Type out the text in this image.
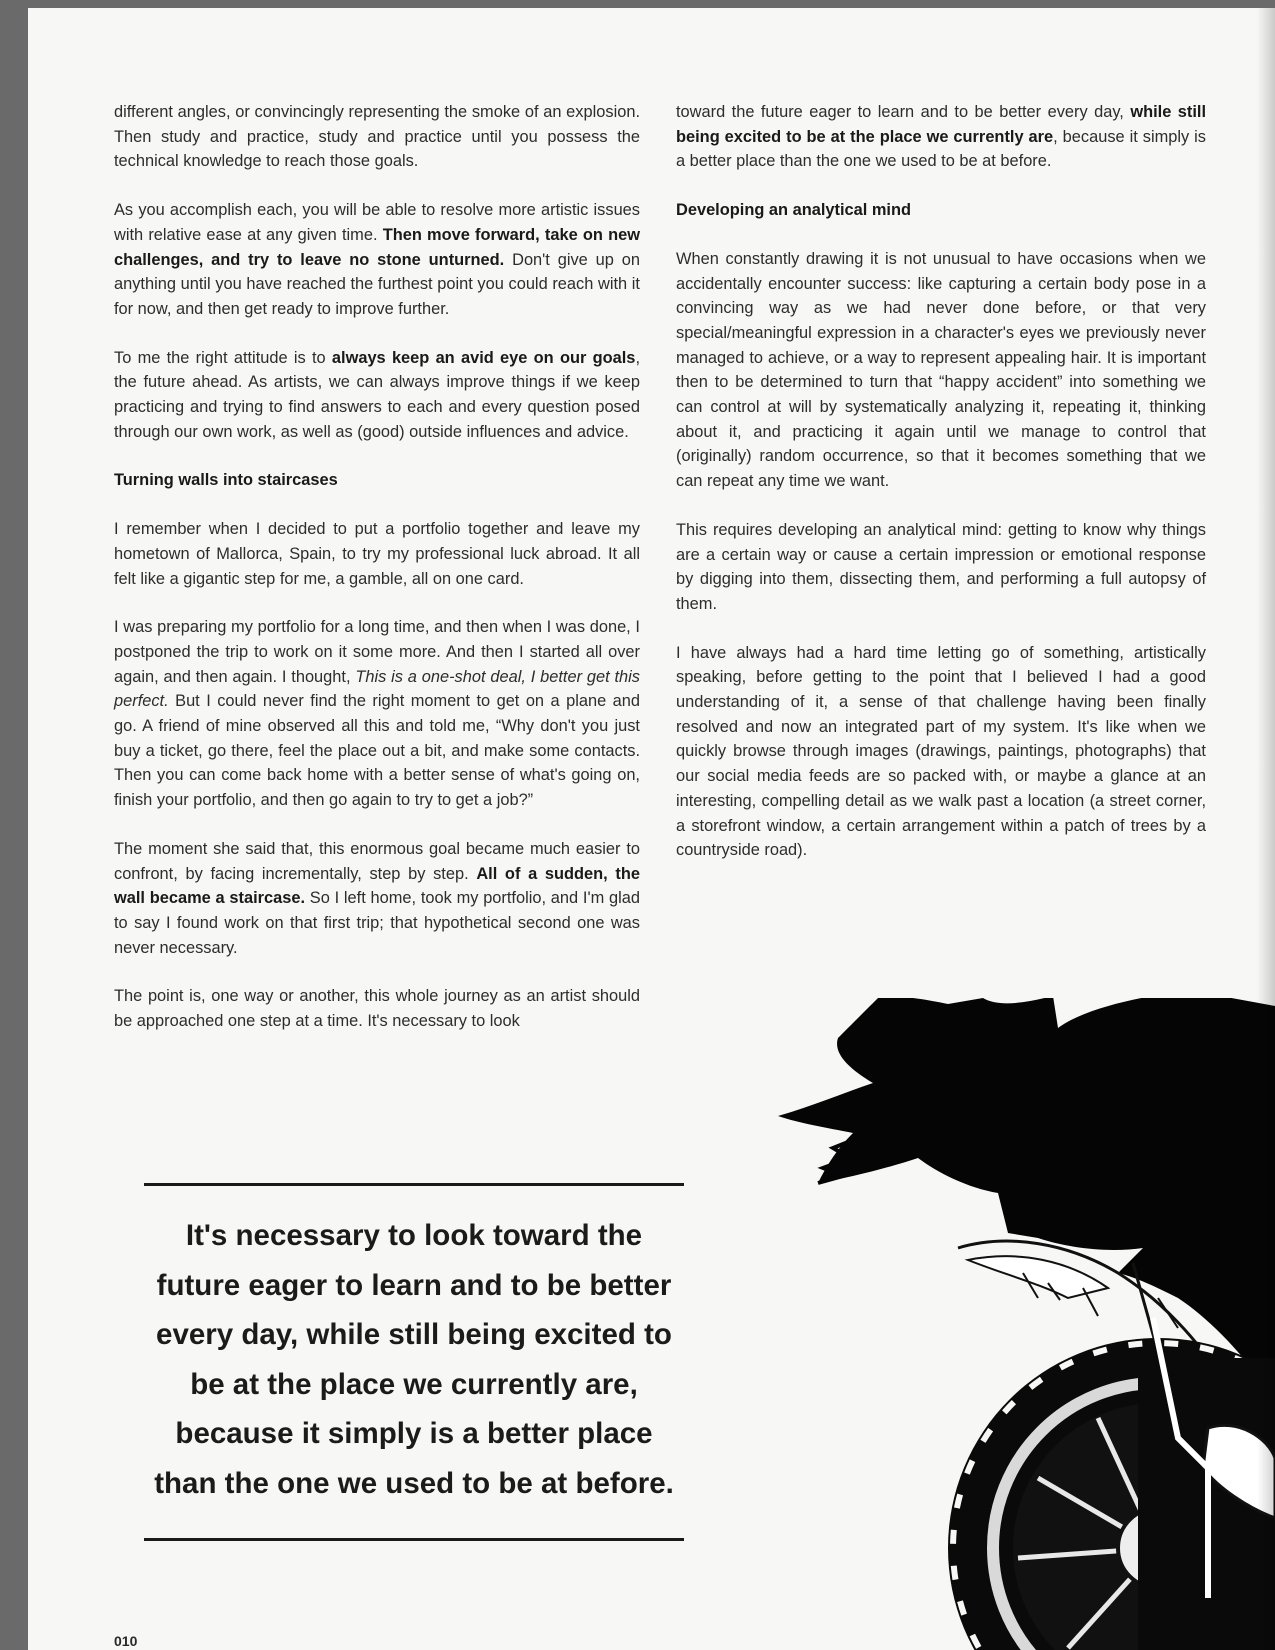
different angles, or convincingly representing the smoke of an explosion. Then study and practice, study and practice until you possess the technical knowledge to reach those goals.

As you accomplish each, you will be able to resolve more artistic issues with relative ease at any given time. Then move forward, take on new challenges, and try to leave no stone unturned. Don't give up on anything until you have reached the furthest point you could reach with it for now, and then get ready to improve further.

To me the right attitude is to always keep an avid eye on our goals, the future ahead. As artists, we can always improve things if we keep practicing and trying to find answers to each and every question posed through our own work, as well as (good) outside influences and advice.

Turning walls into staircases

I remember when I decided to put a portfolio together and leave my hometown of Mallorca, Spain, to try my professional luck abroad. It all felt like a gigantic step for me, a gamble, all on one card.

I was preparing my portfolio for a long time, and then when I was done, I postponed the trip to work on it some more. And then I started all over again, and then again. I thought, This is a one-shot deal, I better get this perfect. But I could never find the right moment to get on a plane and go. A friend of mine observed all this and told me, “Why don't you just buy a ticket, go there, feel the place out a bit, and make some contacts. Then you can come back home with a better sense of what's going on, finish your portfolio, and then go again to try to get a job?”

The moment she said that, this enormous goal became much easier to confront, by facing incrementally, step by step. All of a sudden, the wall became a staircase. So I left home, took my portfolio, and I'm glad to say I found work on that first trip; that hypothetical second one was never necessary.

The point is, one way or another, this whole journey as an artist should be approached one step at a time. It's necessary to look

toward the future eager to learn and to be better every day, while still being excited to be at the place we currently are, because it simply is a better place than the one we used to be at before.

Developing an analytical mind

When constantly drawing it is not unusual to have occasions when we accidentally encounter success: like capturing a certain body pose in a convincing way as we had never done before, or that very special/meaningful expression in a character's eyes we previously never managed to achieve, or a way to represent appealing hair. It is important then to be determined to turn that “happy accident” into something we can control at will by systematically analyzing it, repeating it, thinking about it, and practicing it again until we manage to control that (originally) random occurrence, so that it becomes something that we can repeat any time we want.

This requires developing an analytical mind: getting to know why things are a certain way or cause a certain impression or emotional response by digging into them, dissecting them, and performing a full autopsy of them.

I have always had a hard time letting go of something, artistically speaking, before getting to the point that I believed I had a good understanding of it, a sense of that challenge having been finally resolved and now an integrated part of my system. It's like when we quickly browse through images (drawings, paintings, photographs) that our social media feeds are so packed with, or maybe a glance at an interesting, compelling detail as we walk past a location (a street corner, a storefront window, a certain arrangement within a patch of trees by a countryside road).

It's necessary to look toward the future eager to learn and to be better every day, while still being excited to be at the place we currently are, because it simply is a better place than the one we used to be at before.
010
